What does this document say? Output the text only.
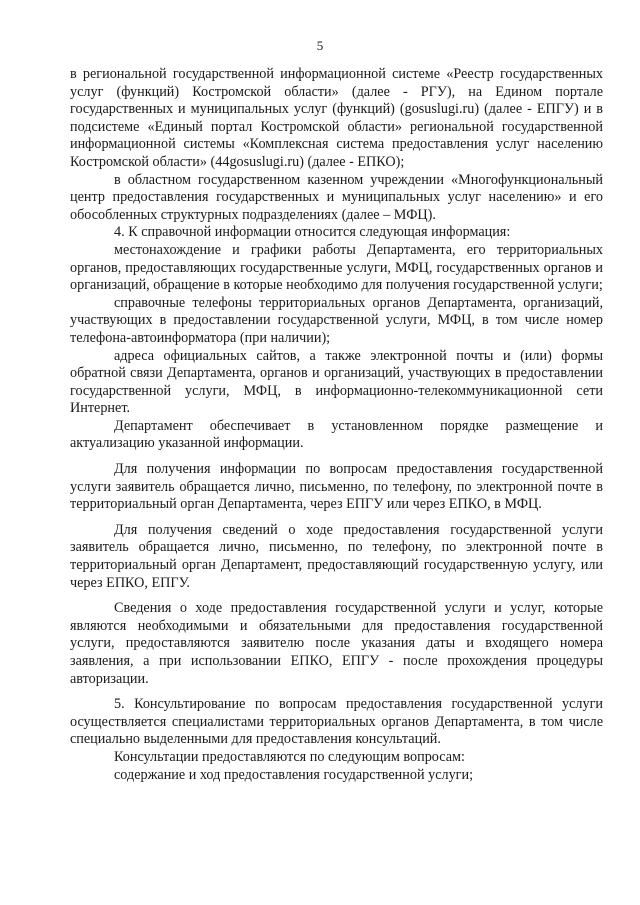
5

в региональной государственной информационной системе «Реестр государственных услуг (функций) Костромской области» (далее - РГУ), на Едином портале государственных и муниципальных услуг (функций) (gosuslugi.ru) (далее - ЕПГУ) и в подсистеме «Единый портал Костромской области» региональной государственной информационной системы «Комплексная система предоставления услуг населению Костромской области» (44gosuslugi.ru) (далее - ЕПКО);

в областном государственном казенном учреждении «Многофункциональный центр предоставления государственных и муниципальных услуг населению» и его обособленных структурных подразделениях (далее – МФЦ).

4. К справочной информации относится следующая информация:

местонахождение и графики работы Департамента, его территориальных органов, предоставляющих государственные услуги, МФЦ, государственных органов и организаций, обращение в которые необходимо для получения государственной услуги;

справочные телефоны территориальных органов Департамента, организаций, участвующих в предоставлении государственной услуги, МФЦ, в том числе номер телефона-автоинформатора (при наличии);

адреса официальных сайтов, а также электронной почты и (или) формы обратной связи Департамента, органов и организаций, участвующих в предоставлении государственной услуги, МФЦ, в информационно-телекоммуникационной сети Интернет.

Департамент обеспечивает в установленном порядке размещение и актуализацию указанной информации.

Для получения информации по вопросам предоставления государственной услуги заявитель обращается лично, письменно, по телефону, по электронной почте в территориальный орган Департамента, через ЕПГУ или через ЕПКО, в МФЦ.

Для получения сведений о ходе предоставления государственной услуги заявитель обращается лично, письменно, по телефону, по электронной почте в территориальный орган Департамент, предоставляющий государственную услугу, или через ЕПКО, ЕПГУ.

Сведения о ходе предоставления государственной услуги и услуг, которые являются необходимыми и обязательными для предоставления государственной услуги, предоставляются заявителю после указания даты и входящего номера заявления, а при использовании ЕПКО, ЕПГУ - после прохождения процедуры авторизации.

5. Консультирование по вопросам предоставления государственной услуги осуществляется специалистами территориальных органов Департамента, в том числе специально выделенными для предоставления консультаций.

Консультации предоставляются по следующим вопросам:

содержание и ход предоставления государственной услуги;
